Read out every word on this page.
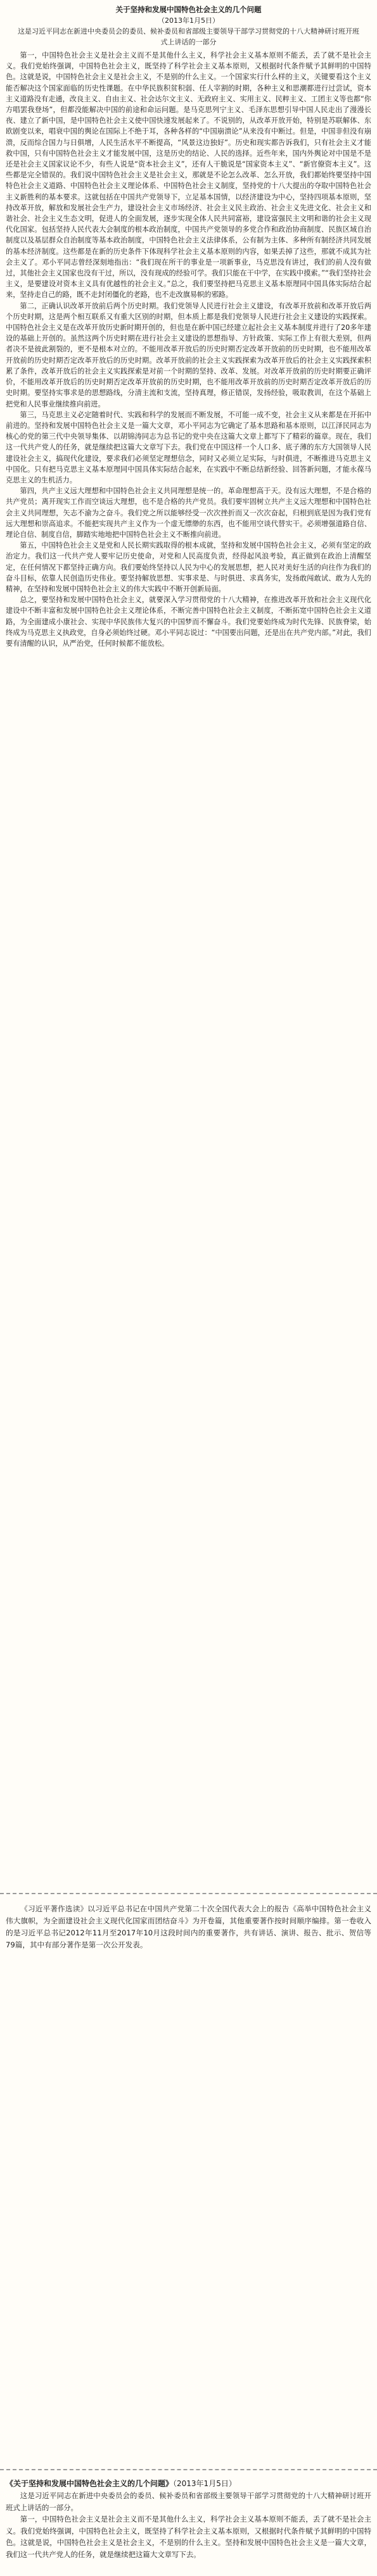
关于坚持和发展中国特色社会主义的几个问题

（2013年1月5日）

这是习近平同志在新进中央委员会的委员、候补委员和省部级主要领导干部学习贯彻党的十八大精神研讨班开班式上讲话的一部分

第一，中国特色社会主义是社会主义而不是其他什么主义，科学社会主义基本原则不能丢，丢了就不是社会主义。我们党始终强调，中国特色社会主义，既坚持了科学社会主义基本原则，又根据时代条件赋予其鲜明的中国特色。这就是说，中国特色社会主义是社会主义，不是别的什么主义。一个国家实行什么样的主义，关键要看这个主义能否解决这个国家面临的历史性课题。在中华民族积贫积弱、任人宰割的时期，各种主义和思潮都进行过尝试，资本主义道路没有走通，改良主义、自由主义、社会达尔文主义、无政府主义、实用主义、民粹主义、工团主义等也都“你方唱罢我登场”，但都没能解决中国的前途和命运问题。是马克思列宁主义、毛泽东思想引导中国人民走出了漫漫长夜、建立了新中国，是中国特色社会主义使中国快速发展起来了。不说别的，从改革开放开始，特别是苏联解体、东欧剧变以来，唱衰中国的舆论在国际上不绝于耳，各种各样的“中国崩溃论”从来没有中断过。但是，中国非但没有崩溃，反而综合国力与日俱增，人民生活水平不断提高，“风景这边独好”。历史和现实都告诉我们，只有社会主义才能救中国，只有中国特色社会主义才能发展中国，这是历史的结论、人民的选择。近些年来，国内外舆论对中国是不是还是社会主义国家议论不少，有些人说是“资本社会主义”，还有人干脆说是“国家资本主义”、“新官僚资本主义”。这些都是完全错误的。我们说中国特色社会主义是社会主义，那就是不论怎么改革、怎么开放，我们都始终要坚持中国特色社会主义道路、中国特色社会主义理论体系、中国特色社会主义制度，坚持党的十八大提出的夺取中国特色社会主义新胜利的基本要求。这就包括在中国共产党领导下，立足基本国情，以经济建设为中心，坚持四项基本原则，坚持改革开放，解放和发展社会生产力，建设社会主义市场经济、社会主义民主政治、社会主义先进文化、社会主义和谐社会、社会主义生态文明，促进人的全面发展，逐步实现全体人民共同富裕，建设富强民主文明和谐的社会主义现代化国家。包括坚持人民代表大会制度的根本政治制度，中国共产党领导的多党合作和政治协商制度、民族区域自治制度以及基层群众自治制度等基本政治制度，中国特色社会主义法律体系，公有制为主体、多种所有制经济共同发展的基本经济制度。这些都是在新的历史条件下体现科学社会主义基本原则的内容，如果丢掉了这些，那就不成其为社会主义了。邓小平同志曾经深刻地指出：“我们现在所干的事业是一项新事业，马克思没有讲过，我们的前人没有做过，其他社会主义国家也没有干过，所以，没有现成的经验可学。我们只能在干中学，在实践中摸索。”“我们坚持社会主义，是要建设对资本主义具有优越性的社会主义。”总之，我们要坚持把马克思主义基本原理同中国具体实际结合起来，坚持走自己的路，既不走封闭僵化的老路，也不走改旗易帜的邪路。

第二，正确认识改革开放前后两个历史时期。我们党领导人民进行社会主义建设，有改革开放前和改革开放后两个历史时期，这是两个相互联系又有重大区别的时期，但本质上都是我们党领导人民进行社会主义建设的实践探索。中国特色社会主义是在改革开放历史新时期开创的，但也是在新中国已经建立起社会主义基本制度并进行了20多年建设的基础上开创的。虽然这两个历史时期在进行社会主义建设的思想指导、方针政策、实际工作上有很大差别，但两者决不是彼此割裂的，更不是根本对立的。不能用改革开放后的历史时期否定改革开放前的历史时期，也不能用改革开放前的历史时期否定改革开放后的历史时期。改革开放前的社会主义实践探索为改革开放后的社会主义实践探索积累了条件，改革开放后的社会主义实践探索是对前一个时期的坚持、改革、发展。对改革开放前的历史时期要正确评价，不能用改革开放后的历史时期否定改革开放前的历史时期，也不能用改革开放前的历史时期否定改革开放后的历史时期。要坚持实事求是的思想路线，分清主流和支流，坚持真理，修正错误，发扬经验，吸取教训，在这个基础上把党和人民事业继续推向前进。

第三，马克思主义必定随着时代、实践和科学的发展而不断发展，不可能一成不变，社会主义从来都是在开拓中前进的。坚持和发展中国特色社会主义是一篇大文章，邓小平同志为它确定了基本思路和基本原则，以江泽民同志为核心的党的第三代中央领导集体、以胡锦涛同志为总书记的党中央在这篇大文章上都写下了精彩的篇章。现在，我们这一代共产党人的任务，就是继续把这篇大文章写下去。我们党在中国这样一个人口多、底子薄的东方大国领导人民建设社会主义，搞现代化建设，要求我们必须坚定理想信念，同时又必须立足实际，与时俱进，不断推进马克思主义中国化。只有把马克思主义基本原理同中国具体实际结合起来，在实践中不断总结新经验、回答新问题，才能永葆马克思主义的生机活力。

第四，共产主义远大理想和中国特色社会主义共同理想是统一的。革命理想高于天。没有远大理想，不是合格的共产党员；离开现实工作而空谈远大理想，也不是合格的共产党员。我们要牢固树立共产主义远大理想和中国特色社会主义共同理想，矢志不渝为之奋斗。我们党之所以能够经受一次次挫折而又一次次奋起，归根到底是因为我们党有远大理想和崇高追求。不能把实现共产主义作为一个虚无缥缈的东西，也不能用空谈代替实干。必须增强道路自信、理论自信、制度自信，脚踏实地地把中国特色社会主义不断推向前进。

第五，中国特色社会主义是党和人民长期实践取得的根本成就，坚持和发展中国特色社会主义，必须有坚定的政治定力。我们这一代共产党人要牢记历史使命，对党和人民高度负责，经得起风浪考验，真正做到在政治上清醒坚定，在任何情况下都坚持正确方向。我们要始终坚持以人民为中心的发展思想，把人民对美好生活的向往作为我们的奋斗目标，依靠人民创造历史伟业。要坚持解放思想、实事求是、与时俱进、求真务实，发扬敢闯敢试、敢为人先的精神，在坚持和发展中国特色社会主义的伟大实践中不断开创新局面。

总之，要坚持和发展中国特色社会主义，就要深入学习贯彻党的十八大精神，在推进改革开放和社会主义现代化建设中不断丰富和发展中国特色社会主义理论体系，不断完善中国特色社会主义制度，不断拓宽中国特色社会主义道路，为全面建成小康社会、实现中华民族伟大复兴的中国梦而不懈奋斗。我们党要始终成为时代先锋、民族脊梁，始终成为马克思主义执政党，自身必须始终过硬。邓小平同志说过：“中国要出问题，还是出在共产党内部。”对此，我们要有清醒的认识，从严治党，任何时候都不能放松。

《习近平著作选读》以习近平总书记在中国共产党第二十次全国代表大会上的报告《高举中国特色社会主义伟大旗帜，为全面建设社会主义现代化国家而团结奋斗》为开卷篇，其他重要著作按时间顺序编排。第一卷收入的是习近平总书记2012年11月至2017年10月这段时间内的重要著作，共有讲话、演讲、报告、批示、贺信等79篇，其中有部分著作是第一次公开发表。

《关于坚持和发展中国特色社会主义的几个问题》（2013年1月5日）

这是习近平同志在新进中央委员会的委员、候补委员和省部级主要领导干部学习贯彻党的十八大精神研讨班开班式上讲话的一部分。

第一，中国特色社会主义是社会主义而不是其他什么主义，科学社会主义基本原则不能丢，丢了就不是社会主义。我们党始终强调，中国特色社会主义，既坚持了科学社会主义基本原则，又根据时代条件赋予其鲜明的中国特色。这就是说，中国特色社会主义是社会主义，不是别的什么主义。坚持和发展中国特色社会主义是一篇大文章，我们这一代共产党人的任务，就是继续把这篇大文章写下去。
